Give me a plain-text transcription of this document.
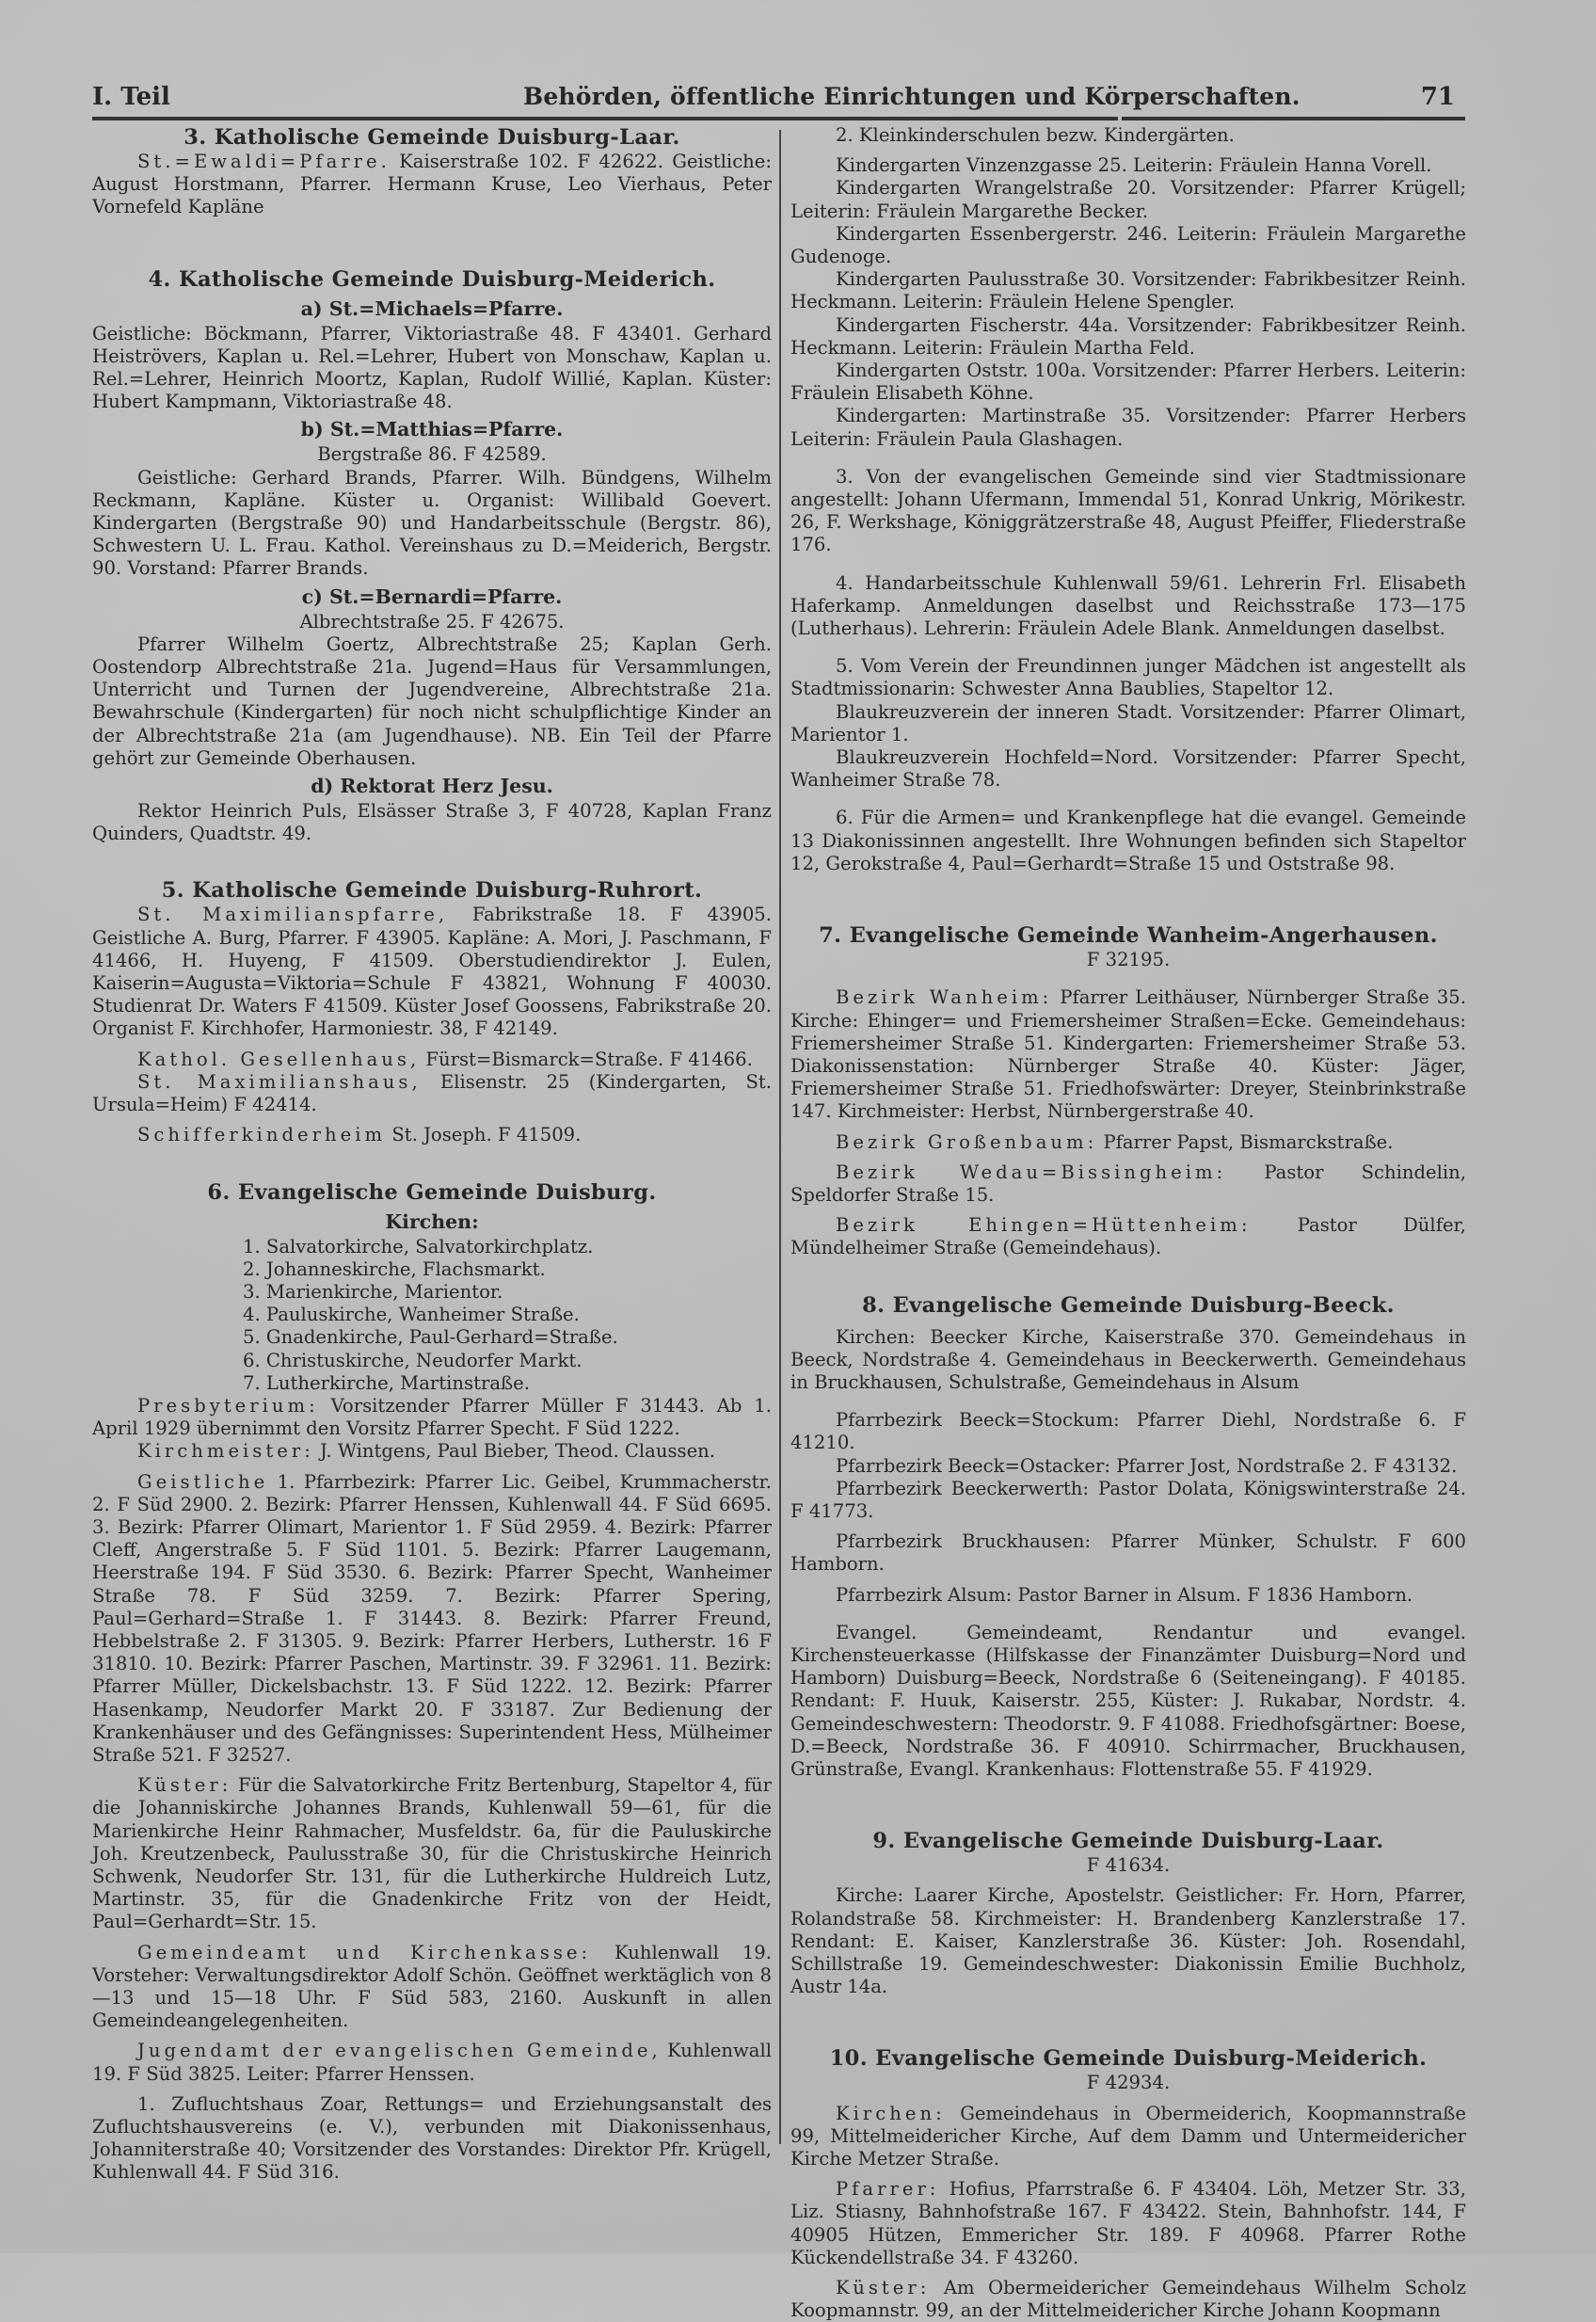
I. Teil	Behörden, öffentliche Einrichtungen und Körperschaften.	71
3. Katholische Gemeinde Duisburg-Laar.

St.=Ewaldi=Pfarre. Kaiserstraße 102. F 42622. Geistliche: August Horstmann, Pfarrer. Hermann Kruse, Leo Vierhaus, Peter Vornefeld Kapläne

4. Katholische Gemeinde Duisburg-Meiderich.
a) St.=Michaels=Pfarre.

Geistliche: Böckmann, Pfarrer, Viktoriastraße 48. F 43401. Gerhard Heiströvers, Kaplan u. Rel.=Lehrer, Hubert von Monschaw, Kaplan u. Rel.=Lehrer, Heinrich Moortz, Kaplan, Rudolf Willié, Kaplan. Küster: Hubert Kampmann, Viktoriastraße 48.

b) St.=Matthias=Pfarre.
Bergstraße 86. F 42589.

Geistliche: Gerhard Brands, Pfarrer. Wilh. Bündgens, Wilhelm Reckmann, Kapläne. Küster u. Organist: Willibald Goevert. Kindergarten (Bergstraße 90) und Handarbeitsschule (Bergstr. 86), Schwestern U. L. Frau. Kathol. Vereinshaus zu D.=Meiderich, Bergstr. 90. Vorstand: Pfarrer Brands.

c) St.=Bernardi=Pfarre.
Albrechtstraße 25. F 42675.

Pfarrer Wilhelm Goertz, Albrechtstraße 25; Kaplan Gerh. Oostendorp Albrechtstraße 21a. Jugend=Haus für Versammlungen, Unterricht und Turnen der Jugendvereine, Albrechtstraße 21a. Bewahrschule (Kindergarten) für noch nicht schulpflichtige Kinder an der Albrechtstraße 21a (am Jugendhause). NB. Ein Teil der Pfarre gehört zur Gemeinde Oberhausen.

d) Rektorat Herz Jesu.

Rektor Heinrich Puls, Elsässer Straße 3, F 40728, Kaplan Franz Quinders, Quadtstr. 49.

5. Katholische Gemeinde Duisburg-Ruhrort.

St. Maximilianspfarre, Fabrikstraße 18. F 43905. Geistliche A. Burg, Pfarrer. F 43905. Kapläne: A. Mori, J. Paschmann, F 41466, H. Huyeng, F 41509. Oberstudiendirektor J. Eulen, Kaiserin=Augusta=Viktoria=Schule F 43821, Wohnung F 40030. Studienrat Dr. Waters F 41509. Küster Josef Goossens, Fabrikstraße 20. Organist F. Kirchhofer, Harmoniestr. 38, F 42149.

Kathol. Gesellenhaus, Fürst=Bismarck=Straße. F 41466.

St. Maximilianshaus, Elisenstr. 25 (Kindergarten, St. Ursula=Heim) F 42414.

Schifferkinderheim St. Joseph. F 41509.

6. Evangelische Gemeinde Duisburg.
Kirchen:
1. Salvatorkirche, Salvatorkirchplatz.
2. Johanneskirche, Flachsmarkt.
3. Marienkirche, Marientor.
4. Pauluskirche, Wanheimer Straße.
5. Gnadenkirche, Paul-Gerhard=Straße.
6. Christuskirche, Neudorfer Markt.
7. Lutherkirche, Martinstraße.

Presbyterium: Vorsitzender Pfarrer Müller F 31443. Ab 1. April 1929 übernimmt den Vorsitz Pfarrer Specht. F Süd 1222.

Kirchmeister: J. Wintgens, Paul Bieber, Theod. Claussen.

Geistliche 1. Pfarrbezirk: Pfarrer Lic. Geibel, Krummacherstr. 2. F Süd 2900. 2. Bezirk: Pfarrer Henssen, Kuhlenwall 44. F Süd 6695. 3. Bezirk: Pfarrer Olimart, Marientor 1. F Süd 2959. 4. Bezirk: Pfarrer Cleff, Angerstraße 5. F Süd 1101. 5. Bezirk: Pfarrer Laugemann, Heerstraße 194. F Süd 3530. 6. Bezirk: Pfarrer Specht, Wanheimer Straße 78. F Süd 3259. 7. Bezirk: Pfarrer Spering, Paul=Gerhard=Straße 1. F 31443. 8. Bezirk: Pfarrer Freund, Hebbelstraße 2. F 31305. 9. Bezirk: Pfarrer Herbers, Lutherstr. 16 F 31810. 10. Bezirk: Pfarrer Paschen, Martinstr. 39. F 32961. 11. Bezirk: Pfarrer Müller, Dickelsbachstr. 13. F Süd 1222. 12. Bezirk: Pfarrer Hasenkamp, Neudorfer Markt 20. F 33187. Zur Bedienung der Krankenhäuser und des Gefängnisses: Superintendent Hess, Mülheimer Straße 521. F 32527.

Küster: Für die Salvatorkirche Fritz Bertenburg, Stapeltor 4, für die Johanniskirche Johannes Brands, Kuhlenwall 59—61, für die Marienkirche Heinr Rahmacher, Musfeldstr. 6a, für die Pauluskirche Joh. Kreutzenbeck, Paulusstraße 30, für die Christuskirche Heinrich Schwenk, Neudorfer Str. 131, für die Lutherkirche Huldreich Lutz, Martinstr. 35, für die Gnadenkirche Fritz von der Heidt, Paul=Gerhardt=Str. 15.

Gemeindeamt und Kirchenkasse: Kuhlenwall 19. Vorsteher: Verwaltungsdirektor Adolf Schön. Geöffnet werktäglich von 8—13 und 15—18 Uhr. F Süd 583, 2160. Auskunft in allen Gemeindeangelegenheiten.

Jugendamt der evangelischen Gemeinde, Kuhlenwall 19. F Süd 3825. Leiter: Pfarrer Henssen.

1. Zufluchtshaus Zoar, Rettungs= und Erziehungsanstalt des Zufluchtshausvereins (e. V.), verbunden mit Diakonissenhaus, Johanniterstraße 40; Vorsitzender des Vorstandes: Direktor Pfr. Krügell, Kuhlenwall 44. F Süd 316.

2. Kleinkinderschulen bezw. Kindergärten.

Kindergarten Vinzenzgasse 25. Leiterin: Fräulein Hanna Vorell.

Kindergarten Wrangelstraße 20. Vorsitzender: Pfarrer Krügell; Leiterin: Fräulein Margarethe Becker.

Kindergarten Essenbergerstr. 246. Leiterin: Fräulein Margarethe Gudenoge.

Kindergarten Paulusstraße 30. Vorsitzender: Fabrikbesitzer Reinh. Heckmann. Leiterin: Fräulein Helene Spengler.

Kindergarten Fischerstr. 44a. Vorsitzender: Fabrikbesitzer Reinh. Heckmann. Leiterin: Fräulein Martha Feld.

Kindergarten Oststr. 100a. Vorsitzender: Pfarrer Herbers. Leiterin: Fräulein Elisabeth Köhne.

Kindergarten: Martinstraße 35. Vorsitzender: Pfarrer Herbers Leiterin: Fräulein Paula Glashagen.

3. Von der evangelischen Gemeinde sind vier Stadtmissionare angestellt: Johann Ufermann, Immendal 51, Konrad Unkrig, Mörikestr. 26, F. Werkshage, Königgrätzerstraße 48, August Pfeiffer, Fliederstraße 176.

4. Handarbeitsschule Kuhlenwall 59/61. Lehrerin Frl. Elisabeth Haferkamp. Anmeldungen daselbst und Reichsstraße 173—175 (Lutherhaus). Lehrerin: Fräulein Adele Blank. Anmeldungen daselbst.

5. Vom Verein der Freundinnen junger Mädchen ist angestellt als Stadtmissionarin: Schwester Anna Baublies, Stapeltor 12.

Blaukreuzverein der inneren Stadt. Vorsitzender: Pfarrer Olimart, Marientor 1.

Blaukreuzverein Hochfeld=Nord. Vorsitzender: Pfarrer Specht, Wanheimer Straße 78.

6. Für die Armen= und Krankenpflege hat die evangel. Gemeinde 13 Diakonissinnen angestellt. Ihre Wohnungen befinden sich Stapeltor 12, Gerokstraße 4, Paul=Gerhardt=Straße 15 und Oststraße 98.

7. Evangelische Gemeinde Wanheim-Angerhausen.
F 32195.

Bezirk Wanheim: Pfarrer Leithäuser, Nürnberger Straße 35. Kirche: Ehinger= und Friemersheimer Straßen=Ecke. Gemeindehaus: Friemersheimer Straße 51. Kindergarten: Friemersheimer Straße 53. Diakonissenstation: Nürnberger Straße 40. Küster: Jäger, Friemersheimer Straße 51. Friedhofswärter: Dreyer, Steinbrinkstraße 147. Kirchmeister: Herbst, Nürnbergerstraße 40.

Bezirk Großenbaum: Pfarrer Papst, Bismarckstraße.

Bezirk Wedau=Bissingheim: Pastor Schindelin, Speldorfer Straße 15.

Bezirk Ehingen=Hüttenheim:	Pastor Dülfer, Mündelheimer Straße (Gemeindehaus).

8. Evangelische Gemeinde Duisburg-Beeck.

Kirchen: Beecker Kirche, Kaiserstraße 370. Gemeindehaus in Beeck, Nordstraße 4. Gemeindehaus in Beeckerwerth. Gemeindehaus in Bruckhausen, Schulstraße, Gemeindehaus in Alsum

Pfarrbezirk Beeck=Stockum: Pfarrer Diehl, Nordstraße 6. F 41210.

Pfarrbezirk Beeck=Ostacker: Pfarrer Jost, Nordstraße 2. F 43132.

Pfarrbezirk Beeckerwerth: Pastor Dolata, Königswinterstraße 24. F 41773.

Pfarrbezirk Bruckhausen: Pfarrer Münker, Schulstr. F 600 Hamborn.

Pfarrbezirk Alsum: Pastor Barner in Alsum. F 1836 Hamborn.

Evangel. Gemeindeamt, Rendantur und evangel. Kirchensteuerkasse (Hilfskasse der Finanzämter Duisburg=Nord und Hamborn) Duisburg=Beeck, Nordstraße 6 (Seiteneingang). F 40185. Rendant: F. Huuk, Kaiserstr. 255, Küster: J. Rukabar, Nordstr. 4. Gemeindeschwestern: Theodorstr. 9. F 41088. Friedhofsgärtner: Boese, D.=Beeck, Nordstraße 36. F 40910. Schirrmacher, Bruckhausen, Grünstraße, Evangl. Krankenhaus: Flottenstraße 55. F 41929.

9. Evangelische Gemeinde Duisburg-Laar.
F 41634.

Kirche: Laarer Kirche, Apostelstr. Geistlicher: Fr. Horn, Pfarrer, Rolandstraße 58. Kirchmeister: H. Brandenberg Kanzlerstraße 17. Rendant: E. Kaiser, Kanzlerstraße 36. Küster: Joh. Rosendahl, Schillstraße 19. Gemeindeschwester: Diakonissin Emilie Buchholz, Austr 14a.

10. Evangelische Gemeinde Duisburg-Meiderich.
F 42934.

Kirchen: Gemeindehaus in Obermeiderich, Koopmannstraße 99, Mittelmeidericher Kirche, Auf dem Damm und Untermeidericher Kirche Metzer Straße.

Pfarrer: Hofius, Pfarrstraße 6. F 43404. Löh, Metzer Str. 33, Liz. Stiasny, Bahnhofstraße 167. F 43422. Stein, Bahnhofstr. 144, F 40905 Hützen, Emmericher Str. 189. F 40968. Pfarrer Rothe Kückendellstraße 34. F 43260.

Küster: Am Obermeidericher Gemeindehaus Wilhelm Scholz Koopmannstr. 99, an der Mittelmeidericher Kirche Johann Koopmann
